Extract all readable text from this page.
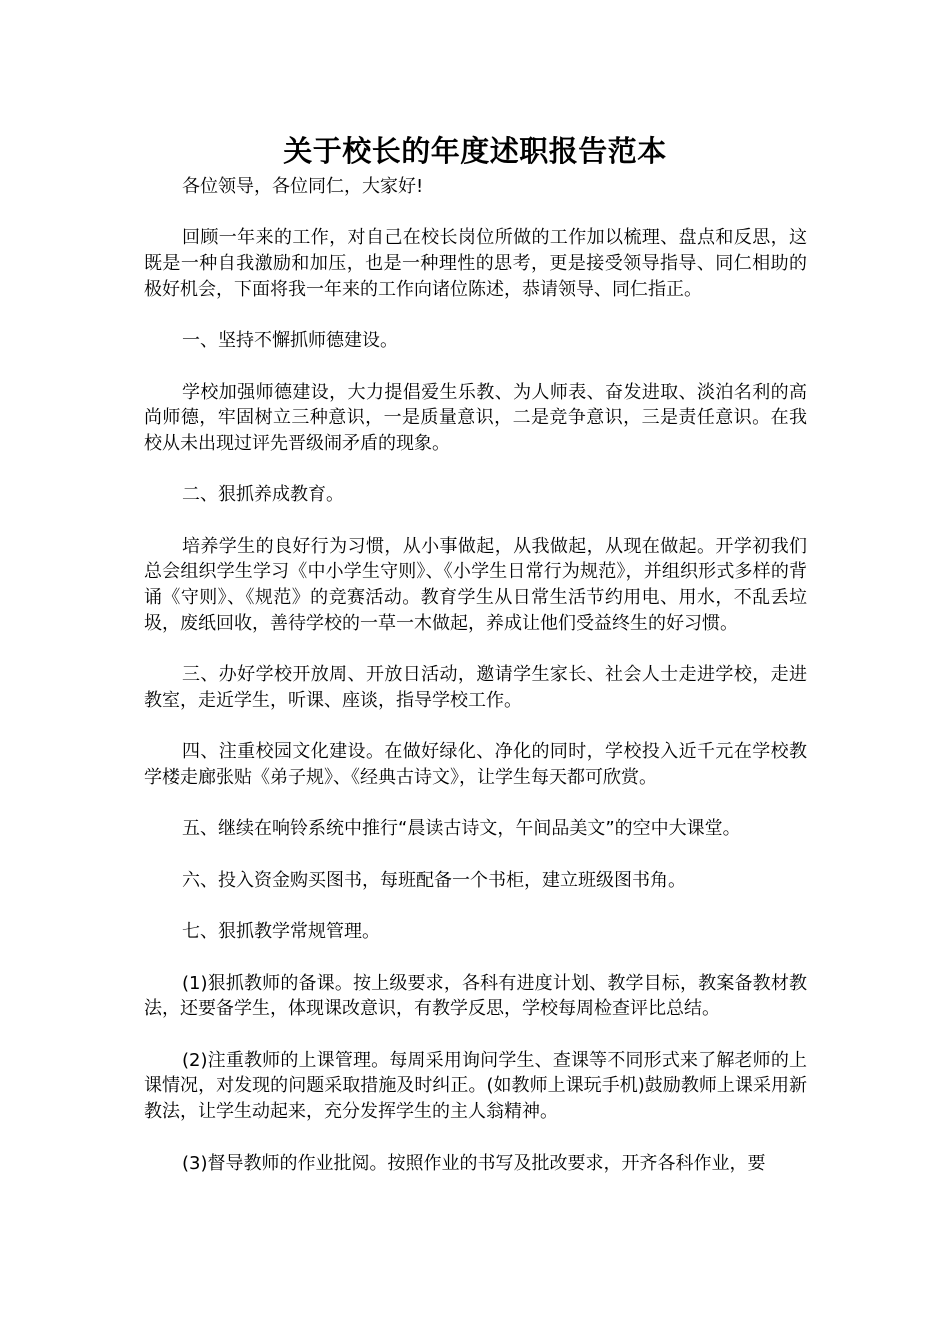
关于校长的年度述职报告范本

各位领导，各位同仁，大家好!

回顾一年来的工作，对自己在校长岗位所做的工作加以梳理、盘点和反思，这既是一种自我激励和加压，也是一种理性的思考，更是接受领导指导、同仁相助的极好机会，下面将我一年来的工作向诸位陈述，恭请领导、同仁指正。

一、坚持不懈抓师德建设。

学校加强师德建设，大力提倡爱生乐教、为人师表、奋发进取、淡泊名利的高尚师德，牢固树立三种意识，一是质量意识，二是竞争意识，三是责任意识。在我校从未出现过评先晋级闹矛盾的现象。

二、狠抓养成教育。

培养学生的良好行为习惯，从小事做起，从我做起，从现在做起。开学初我们总会组织学生学习《中小学生守则》、《小学生日常行为规范》，并组织形式多样的背诵《守则》、《规范》的竞赛活动。教育学生从日常生活节约用电、用水，不乱丢垃圾，废纸回收，善待学校的一草一木做起，养成让他们受益终生的好习惯。

三、办好学校开放周、开放日活动，邀请学生家长、社会人士走进学校，走进教室，走近学生，听课、座谈，指导学校工作。

四、注重校园文化建设。在做好绿化、净化的同时，学校投入近千元在学校教学楼走廊张贴《弟子规》、《经典古诗文》，让学生每天都可欣赏。

五、继续在响铃系统中推行“晨读古诗文，午间品美文”的空中大课堂。

六、投入资金购买图书，每班配备一个书柜，建立班级图书角。

七、狠抓教学常规管理。

(1)狠抓教师的备课。按上级要求，各科有进度计划、教学目标，教案备教材教法，还要备学生，体现课改意识，有教学反思，学校每周检查评比总结。

(2)注重教师的上课管理。每周采用询问学生、查课等不同形式来了解老师的上课情况，对发现的问题采取措施及时纠正。(如教师上课玩手机)鼓励教师上课采用新教法，让学生动起来，充分发挥学生的主人翁精神。

(3)督导教师的作业批阅。按照作业的书写及批改要求，开齐各科作业，要
